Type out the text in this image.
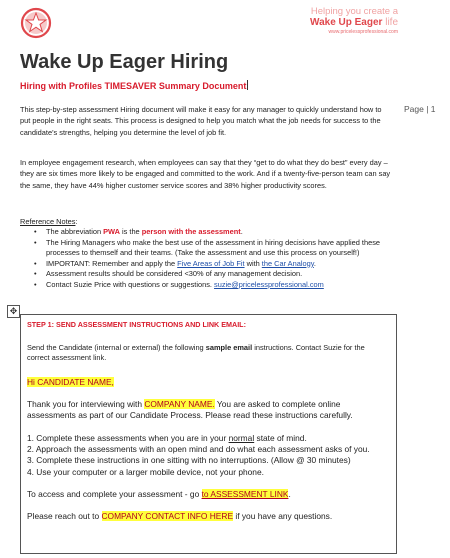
Helping you create a
Wake Up Eager life
www.pricelessprofessional.com
Wake Up Eager Hiring
Hiring with Profiles TIMESAVER Summary Document
Page | 1
This step-by-step assessment Hiring document will make it easy for any manager to quickly understand how to put people in the right seats. This process is designed to help you match what the job needs for success to the candidate’s strengths, helping you determine the level of job fit.
In employee engagement research, when employees can say that they “get to do what they do best” every day – they are six times more likely to be engaged and committed to the work. And if a twenty-five-person team can say the same, they have 44% higher customer service scores and 38% higher productivity scores.
Reference Notes:
• The abbreviation PWA is the person with the assessment.
• The Hiring Managers who make the best use of the assessment in hiring decisions have applied these processes to themself and their teams. (Take the assessment and use this process on yourself!)
• IMPORTANT: Remember and apply the Five Areas of Job Fit with the Car Analogy.
• Assessment results should be considered <30% of any management decision.
• Contact Suzie Price with questions or suggestions. suzie@pricelessprofessional.com
✥
STEP 1: SEND ASSESSMENT INSTRUCTIONS AND LINK EMAIL:
Send the Candidate (internal or external) the following sample email instructions. Contact Suzie for the correct assessment link.
Hi CANDIDATE NAME,
Thank you for interviewing with COMPANY NAME. You are asked to complete online assessments as part of our Candidate Process. Please read these instructions carefully.
1. Complete these assessments when you are in your normal state of mind.
2. Approach the assessments with an open mind and do what each assessment asks of you.
3. Complete these instructions in one sitting with no interruptions. (Allow @ 30 minutes)
4. Use your computer or a larger mobile device, not your phone.
To access and complete your assessment - go to ASSESSMENT LINK.
Please reach out to COMPANY CONTACT INFO HERE if you have any questions.
